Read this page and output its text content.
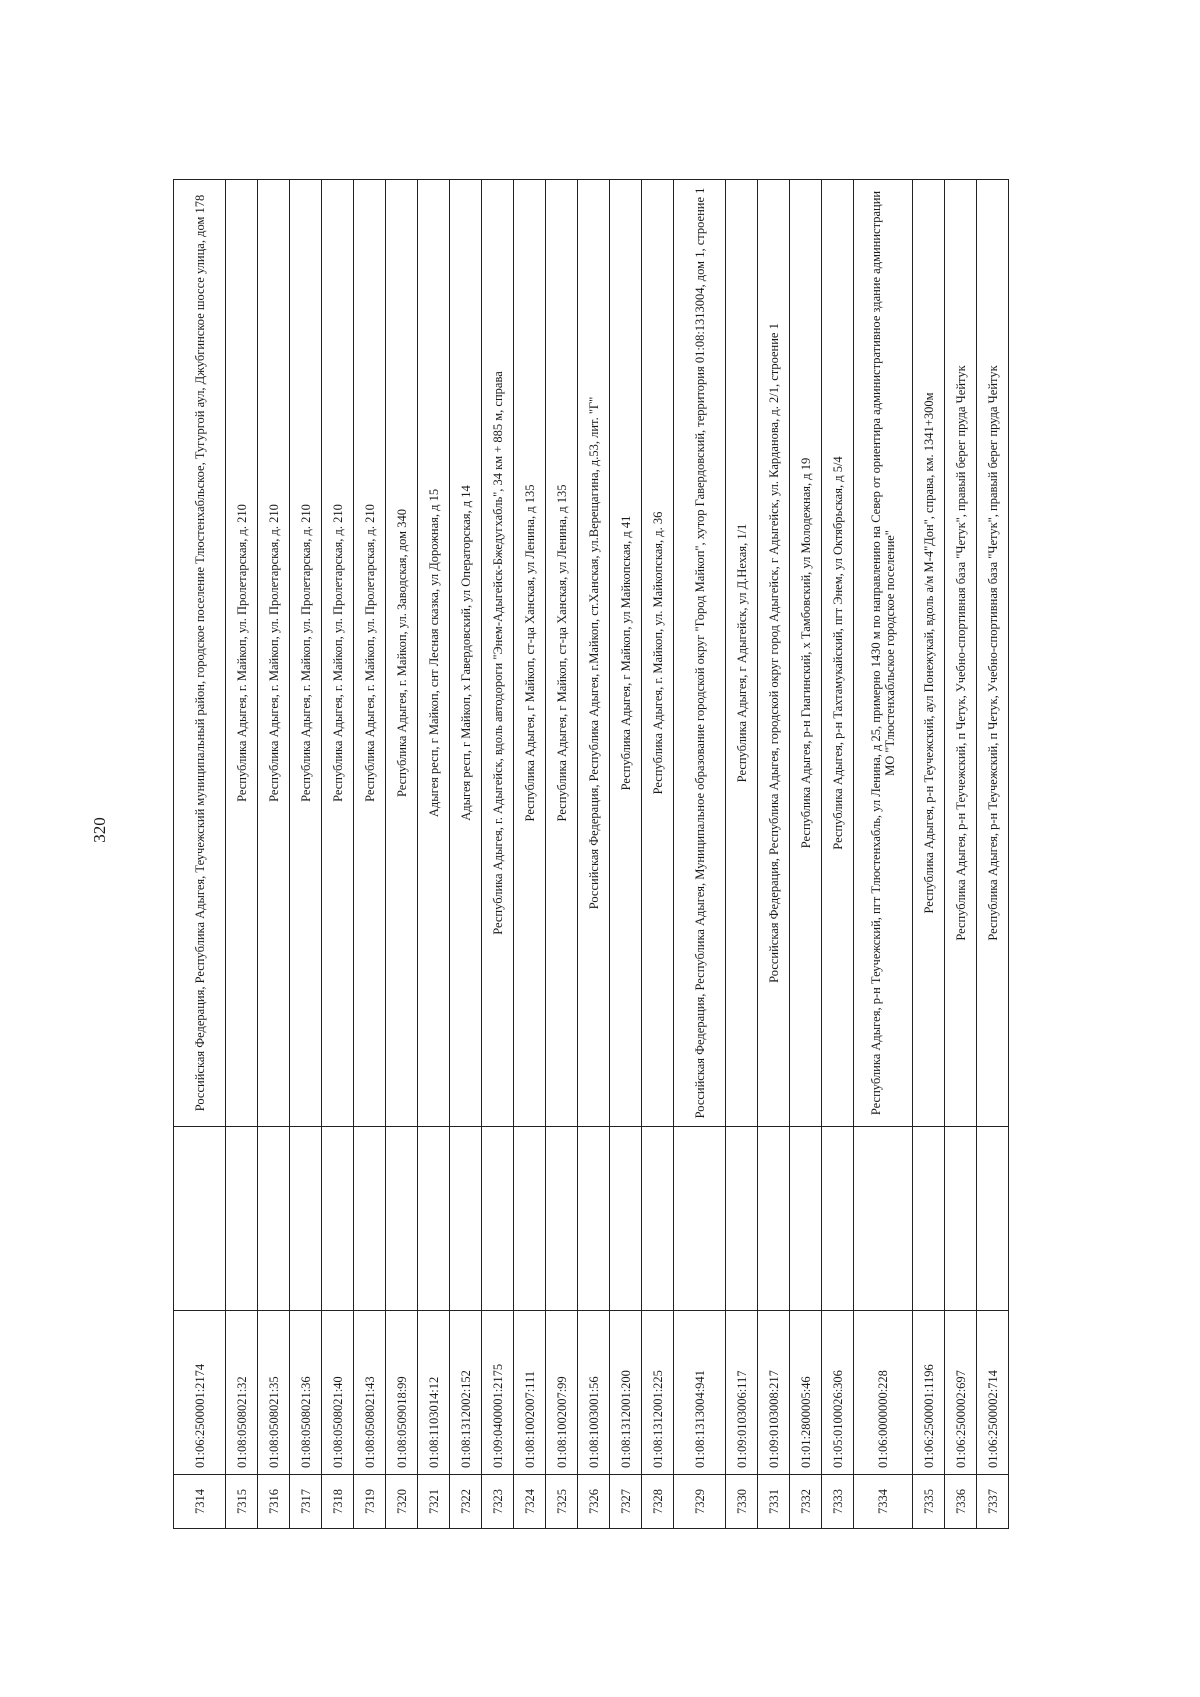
320
7314	01:06:2500001:2174		Российская Федерация, Республика Адыгея, Теучежский муниципальный район, городское поселение Тлюстенхабльское, Тугургой аул, Джубгинское шоссе улица, дом 178
7315	01:08:0508021:32		Республика Адыгея, г. Майкоп, ул. Пролетарская, д. 210
7316	01:08:0508021:35		Республика Адыгея, г. Майкоп, ул. Пролетарская, д. 210
7317	01:08:0508021:36		Республика Адыгея, г. Майкоп, ул. Пролетарская, д. 210
7318	01:08:0508021:40		Республика Адыгея, г. Майкоп, ул. Пролетарская, д. 210
7319	01:08:0508021:43		Республика Адыгея, г. Майкоп, ул. Пролетарская, д. 210
7320	01:08:0509018:99		Республика Адыгея, г. Майкоп, ул. Заводская, дом 340
7321	01:08:1103014:12		Адыгея респ, г Майкоп, снт Лесная сказка, ул Дорожная, д 15
7322	01:08:1312002:152		Адыгея респ, г Майкоп, х Гавердовский, ул Операторская, д 14
7323	01:09:0400001:2175		Республика Адыгея, г. Адыгейск, вдоль автодороги "Энем-Адыгейск-Бжедугхабль", 34 км + 885 м, справа
7324	01:08:1002007:111		Республика Адыгея, г Майкоп, ст-ца Ханская, ул Ленина, д 135
7325	01:08:1002007:99		Республика Адыгея, г Майкоп, ст-ца Ханская, ул Ленина, д 135
7326	01:08:1003001:56		Российская Федерация, Республика Адыгея, г.Майкоп, ст.Ханская, ул.Верещагина, д.53, лит. "Г"
7327	01:08:1312001:200		Республика Адыгея, г Майкоп, ул Майкопская, д 41
7328	01:08:1312001:225		Республика Адыгея, г. Майкоп, ул. Майкопская, д. 36
7329	01:08:1313004:941		Российская Федерация, Республика Адыгея, Муниципальное образование городской округ "Город Майкоп", хутор Гавердовский, территория 01:08:1313004, дом 1, строение 1
7330	01:09:0103006:117		Республика Адыгея, г Адыгейск, ул Д.Нехая, 1/1
7331	01:09:0103008:217		Российская Федерация, Республика Адыгея, городской округ город Адыгейск, г Адыгейск, ул. Карданова, д. 2/1, строение 1
7332	01:01:2800005:46		Республика Адыгея, р-н Гиагинский, х Тамбовский, ул Молодежная, д 19
7333	01:05:0100026:306		Республика Адыгея, р-н Тахтамукайский, пгт Энем, ул Октябрьская, д 5/4
7334	01:06:0000000:228		Республика Адыгея, р-н Теучежский, пгт Тлюстенхабль, ул Ленина, д 25, примерно 1430 м по направлению на Север от ориентира административное здание администрации МО "Тлюстенхабльское городское поселение"
7335	01:06:2500001:1196		Республика Адыгея, р-н Теучежский, аул Понежукай, вдоль а/м М-4"Дон", справа, км. 1341+300м
7336	01:06:2500002:697		Республика Адыгея, р-н Теучежский, п Четук, Учебно-спортивная база "Четук", правый берег пруда Чейтук
7337	01:06:2500002:714		Республика Адыгея, р-н Теучежский, п Четук, Учебно-спортивная база "Четук", правый берег пруда Чейтук
